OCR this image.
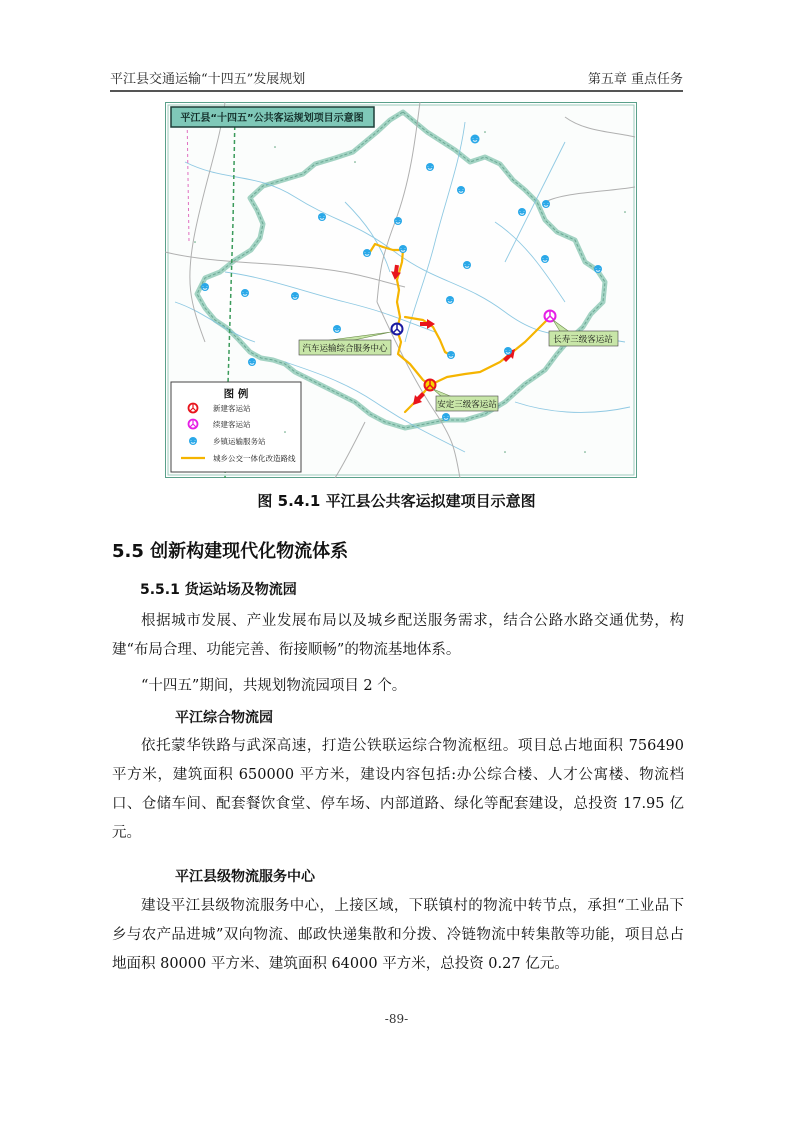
平江县交通运输“十四五”发展规划	第五章 重点任务
汽车运输综合服务中心
长寿三级客运站
安定三级客运站
平江县“十四五”公共客运规划项目示意图
图 例
新建客运站
续建客运站
乡镇运输服务站
城乡公交一体化改造路线
图 5.4.1 平江县公共客运拟建项目示意图
5.5 创新构建现代化物流体系
5.5.1 货运站场及物流园
根据城市发展、产业发展布局以及城乡配送服务需求，结合公路水路交通优势，构建“布局合理、功能完善、衔接顺畅”的物流基地体系。
“十四五”期间，共规划物流园项目 2 个。
平江综合物流园
依托蒙华铁路与武深高速，打造公铁联运综合物流枢纽。项目总占地面积 756490 平方米，建筑面积 650000 平方米，建设内容包括:办公综合楼、人才公寓楼、物流档口、仓储车间、配套餐饮食堂、停车场、内部道路、绿化等配套建设，总投资 17.95 亿元。
平江县级物流服务中心
建设平江县级物流服务中心，上接区域，下联镇村的物流中转节点，承担“工业品下乡与农产品进城”双向物流、邮政快递集散和分拨、冷链物流中转集散等功能，项目总占地面积 80000 平方米、建筑面积 64000 平方米，总投资 0.27 亿元。
-89-
